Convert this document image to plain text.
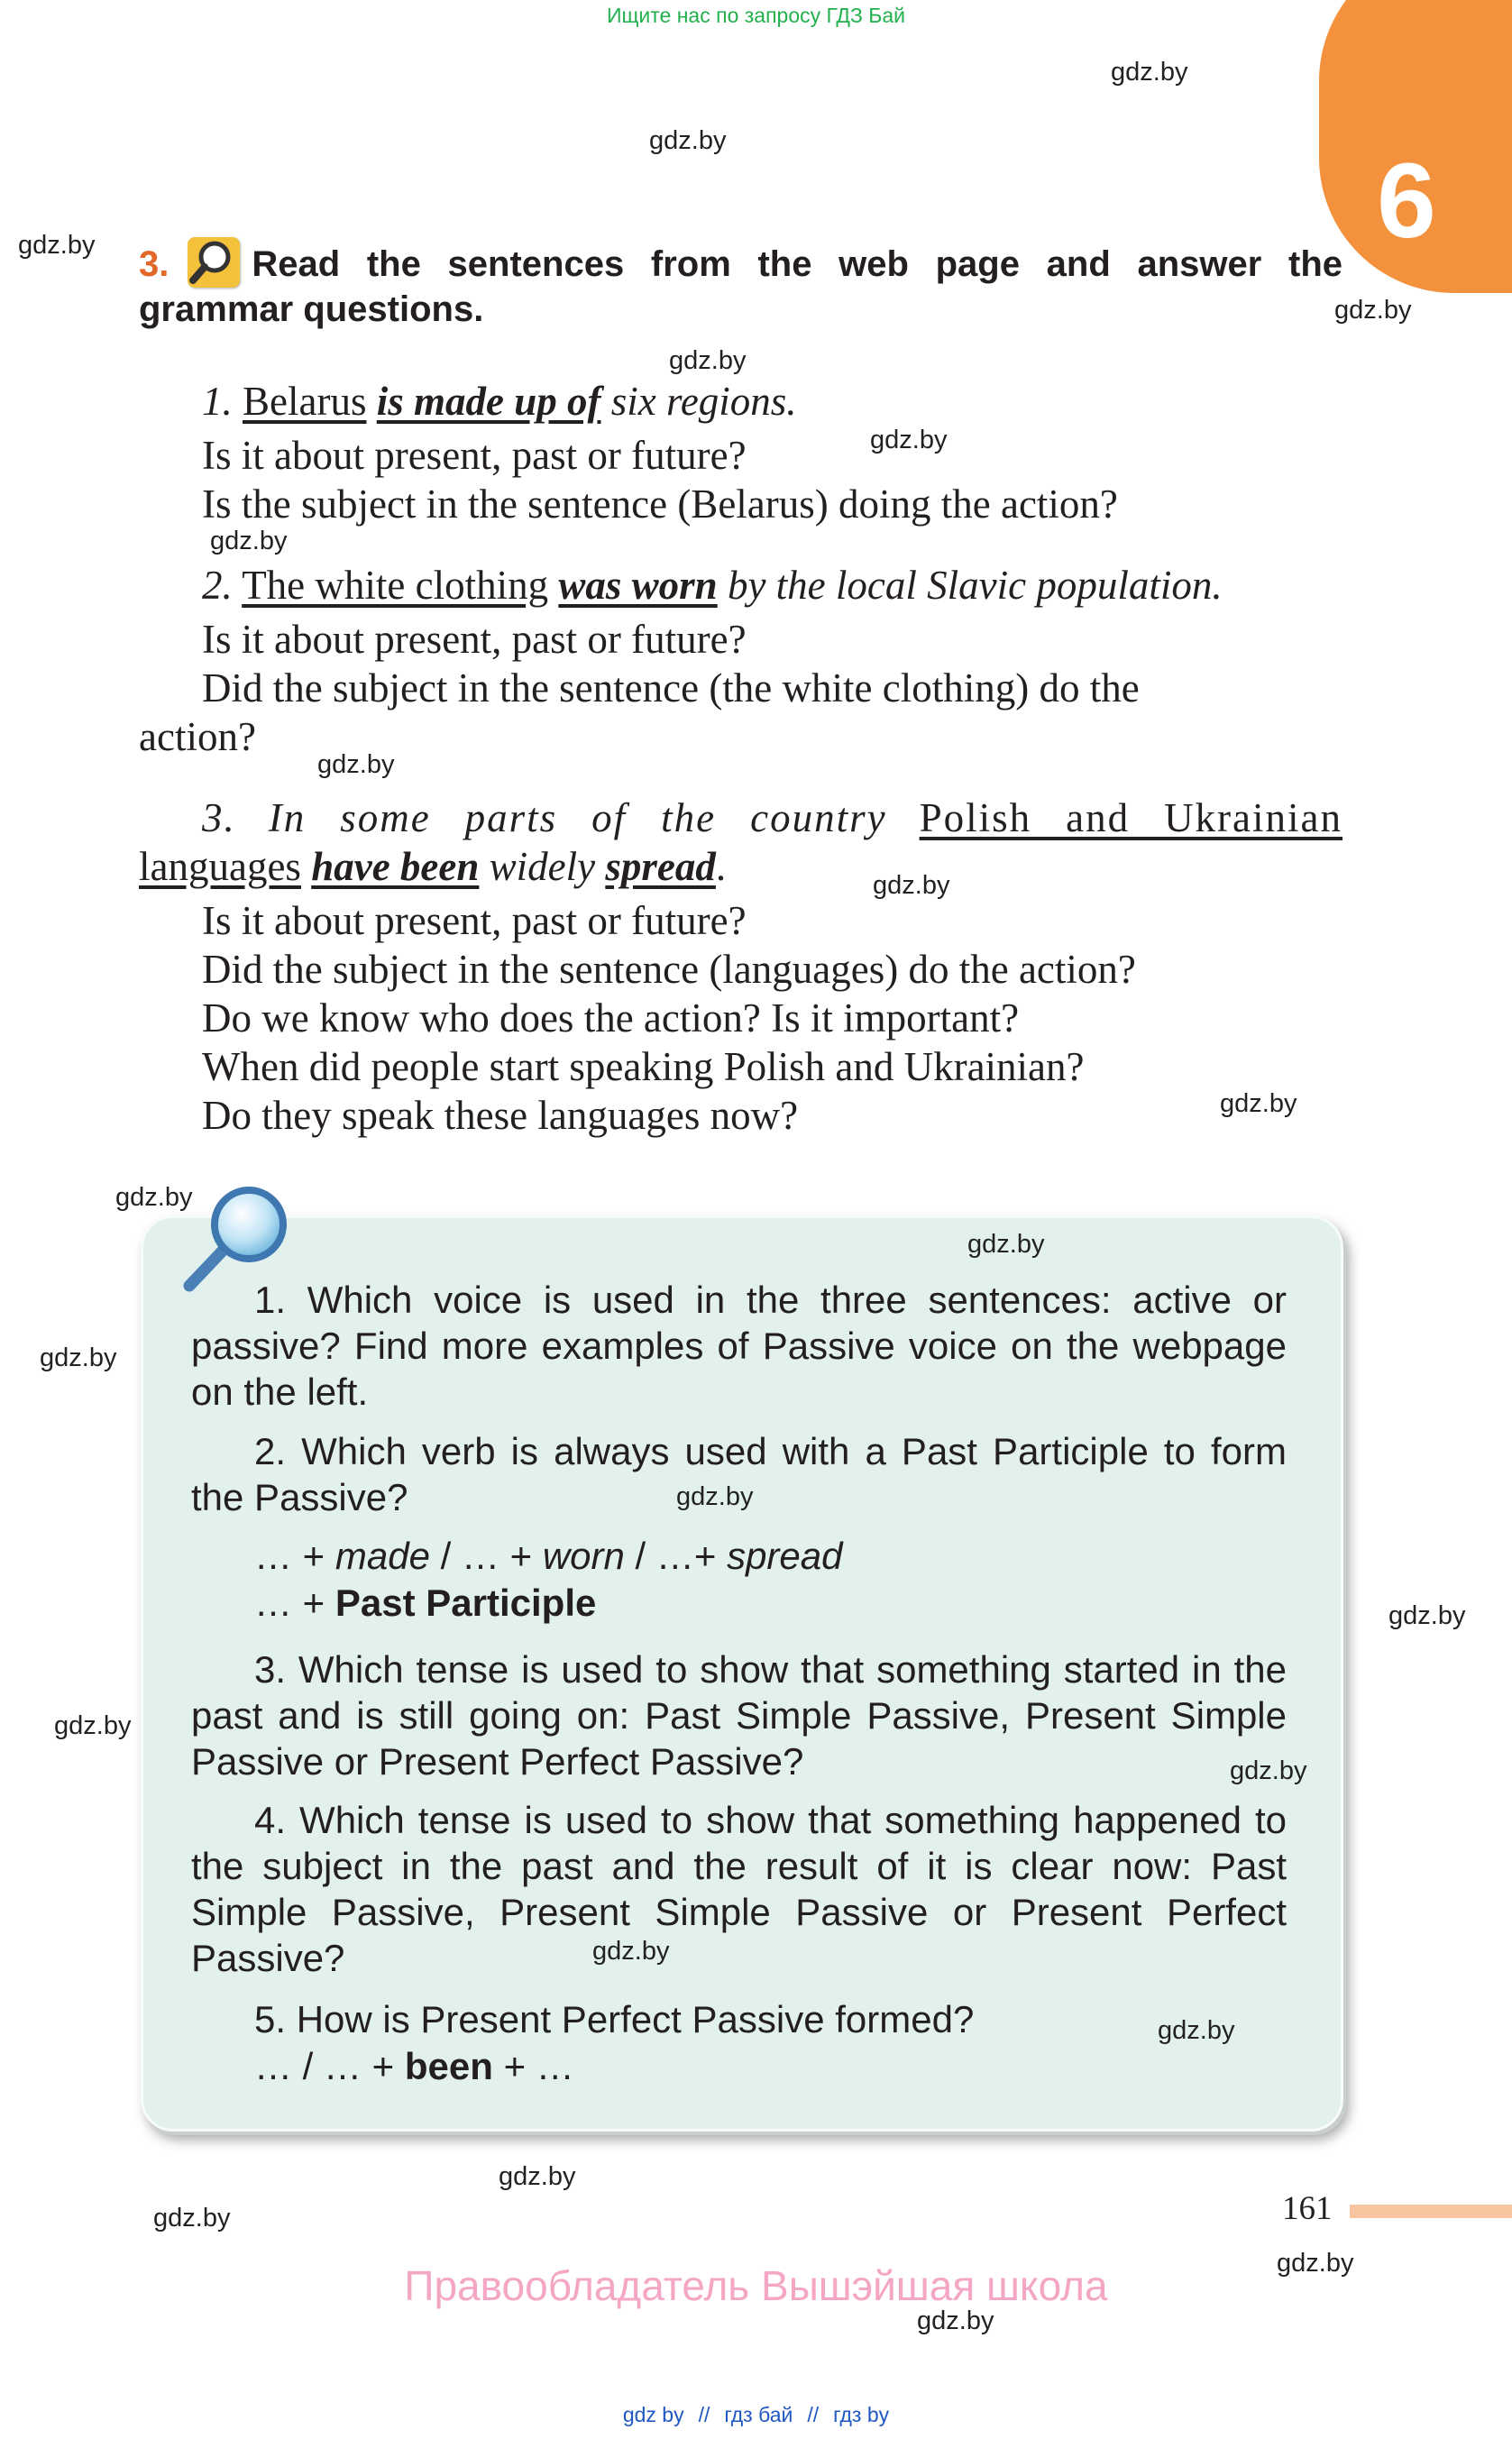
Ищите нас по запросу ГДЗ Бай
6
3. Read the sentences from the web page and answer the grammar questions.
1. Belarus is made up of six regions.
Is it about present, past or future?
Is the subject in the sentence (Belarus) doing the action?
2. The white clothing was worn by the local Slavic population.
Is it about present, past or future?
Did the subject in the sentence (the white clothing) do the
action?
3. In some parts of the country Polish and Ukrainian
languages have been widely spread.
Is it about present, past or future?
Did the subject in the sentence (languages) do the action?
Do we know who does the action? Is it important?
When did people start speaking Polish and Ukrainian?
Do they speak these languages now?
1. Which voice is used in the three sentences: active or passive? Find more examples of Passive voice on the webpage on the left.
2. Which verb is always used with a Past Participle to form the Passive?
… + made / … + worn / …+ spread
… + Past Participle
3. Which tense is used to show that something started in the past and is still going on: Past Simple Passive, Present Simple Passive or Present Perfect Passive?
4. Which tense is used to show that something happened to the subject in the past and the result of it is clear now: Past Simple Passive, Present Simple Passive or Present Perfect Passive?
5. How is Present Perfect Passive formed?
… / … + been + …
gdz.by
gdz.by
gdz.by
gdz.by
gdz.by
gdz.by
gdz.by
gdz.by
gdz.by
gdz.by
gdz.by
gdz.by
gdz.by
gdz.by
gdz.by
gdz.by
gdz.by
gdz.by
gdz.by
gdz.by
gdz.by
gdz.by
gdz.by
161
Правообладатель Вышэйшая школа
gdz by // гдз бай // гдз by
